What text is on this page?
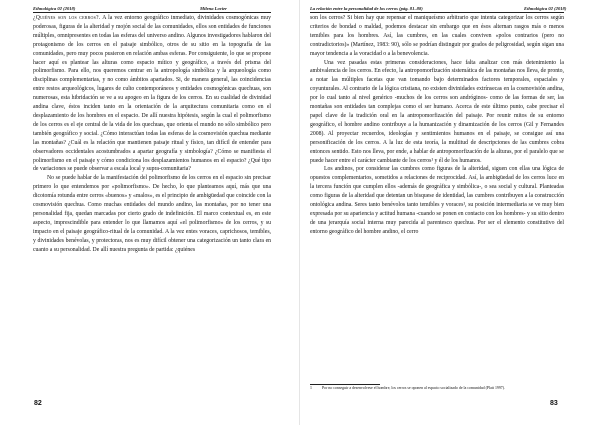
Ethnológica 02 (2018)	Milena Lovier

¿Quiénes son los cerros?. A la vez entorno geográfico inmediato, divinidades cosmogónicas muy poderosas, figuras de la alteridad y mojón social de las comunidades, ellos son entidades de funciones múltiples, omnipresentes en todas las esferas del universo andino. Algunos investigadores hablaron del protagonismo de los cerros en el paisaje simbólico, otros de su sitio en la topografía de las comunidades, pero muy pocos pusieron en relación ambas esferas. Por consiguiente, lo que se propone hacer aquí es plantear las alturas como espacio mítico y geográfico, a través del prisma del polimorfismo. Para ello, nos queremos centrar en la antropología simbólica y la arqueología como disciplinas complementarias, y no como ámbitos apartados. Si, de manera general, las coincidencias entre restos arqueológicos, lugares de culto contemporáneos y entidades cosmogónicas quechuas, son numerosas, esta hibridación se ve a su apogeo en la figura de los cerros. En su cualidad de divinidad andina clave, éstos inciden tanto en la orientación de la arquitectura comunitaria como en el desplazamiento de los hombres en el espacio. De allí nuestra hipótesis, según la cual el polimorfismo de los cerros es el eje central de la vida de los quechuas, que orienta el mundo no sólo simbólico pero también geográfico y social. ¿Cómo interactúan todas las esferas de la cosmovisión quechua mediante las montañas? ¿Cuál es la relación que mantienen paisaje ritual y físico, tan difícil de entender para observadores occidentales acostumbrados a apartar geografía y simbología? ¿Cómo se manifiesta el polimorfismo en el paisaje y cómo condiciona los desplazamientos humanos en el espacio? ¿Qué tipo de variaciones se puede observar a escala local y supra-comunitaria?

No se puede hablar de la manifestación del polimorfismo de los cerros en el espacio sin precisar primero lo que entendemos por «polimorfismo». De hecho, lo que planteamos aquí, más que una dicotomía rotunda entre cerros «buenos» y «malos», es el principio de ambigüedad que coincide con la cosmovisión quechua. Como muchas entidades del mundo andino, las montañas, por no tener una personalidad fija, quedan marcadas por cierto grado de indefinición. El marco contextual es, en este aspecto, imprescindible para entender lo que llamamos aquí «el polimorfismo» de los cerros, y su impacto en el paisaje geográfico-ritual de la comunidad. A la vez entes voraces, caprichosos, temibles, y divinidades benévolas, y protectoras, nos es muy difícil obtener una categorización un tanto clara en cuanto a su personalidad. De allí nuestra pregunta de partida: ¿quiénes

82
La relación entre la personalidad de los cerros (pág. 81–88)	Ethnológica 02 (2018)

son los cerros? Si bien hay que repensar el maniqueísmo arbitrario que intenta categorizar los cerros según criterios de bondad o maldad, podemos destacar sin embargo que en ésos alternan rasgos más o menos temibles para los hombres. Así, las cumbres, en las cuales conviven «polos contrarios (pero no contradictorios)» (Martínez, 1983: 90), sólo se podrían distinguir por grados de peligrosidad, según sigan una mayor tendencia a la voracidad o a la benevolencia.

Una vez pasadas estas primeras consideraciones, hace falta analizar con más detenimiento la ambivalencia de los cerros. En efecto, la antropomorfización sistemática de las montañas nos lleva, de pronto, a notar las múltiples facetas que van tomando bajo determinados factores temporales, espaciales y coyunturales. Al contrario de la lógica cristiana, no existen divinidades extrínsecas en la cosmovisión andina, por lo cual tanto al nivel genérico -muchos de los cerros son andróginos- como de las formas de ser, las montañas son entidades tan complejas como el ser humano. Acerca de este último punto, cabe precisar el papel clave de la tradición oral en la antropomorfización del paisaje. Por reunir mitos de su entorno geográfico, el hombre andino contribuye a la humanización y dinamización de los cerros (Gil y Fernandes 2008). Al proyectar recuerdos, ideologías y sentimientos humanos en el paisaje, se consigue así una personificación de los cerros. A la luz de esta teoría, la multitud de descripciones de las cumbres cobra entonces sentido. Esto nos lleva, por ende, a hablar de antropomorfización de la alturas, por el paralelo que se puede hacer entre el carácter cambiante de los cerros¹ y él de los humanos.

Los andinos, por considerar las cumbres como figuras de la alteridad, siguen con ellas una lógica de opuestos complementarios, sometidos a relaciones de reciprocidad. Así, la ambigüedad de los cerros luce en la tercera función que cumplen ellos -además de geográfica y simbólica-, o sea social y cultural. Planteadas como figuras de la alteridad que detentan un bisquese de identidad, las cumbres contribuyen a la construcción ontológica andina. Seres tanto benévolos tanto temibles y voraces¹, su posición intermediaria se ve muy bien expresada por su apariencia y actitud humana -cuando se ponen en contacto con los hombres- y su sitio dentro de una jerarquía social interna muy parecida al parentesco quechua. Por ser el elemento constitutivo del entorno geográfico del hombre andino, el cerro

1	Por no conseguir a desenvolvese el hombre, los cerros se oponen al espacio socializado de la comunidad (Platt 1997).
83
